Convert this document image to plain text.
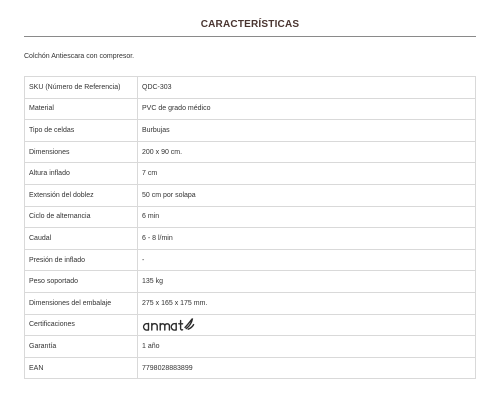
CARACTERÍSTICAS
Colchón Antiescara con compresor.
SKU (Número de Referencia)	QDC-303
Material	PVC de grado médico
Tipo de celdas	Burbujas
Dimensiones	200 x 90 cm.
Altura inflado	7 cm
Extensión del doblez	50 cm por solapa
Ciclo de alternancia	6 min
Caudal	6 - 8 l/min
Presión de inflado	-
Peso soportado	135 kg
Dimensiones del embalaje	275 x 165 x 175 mm.
Certificaciones	

Garantía	1 año
EAN	7798028883899
